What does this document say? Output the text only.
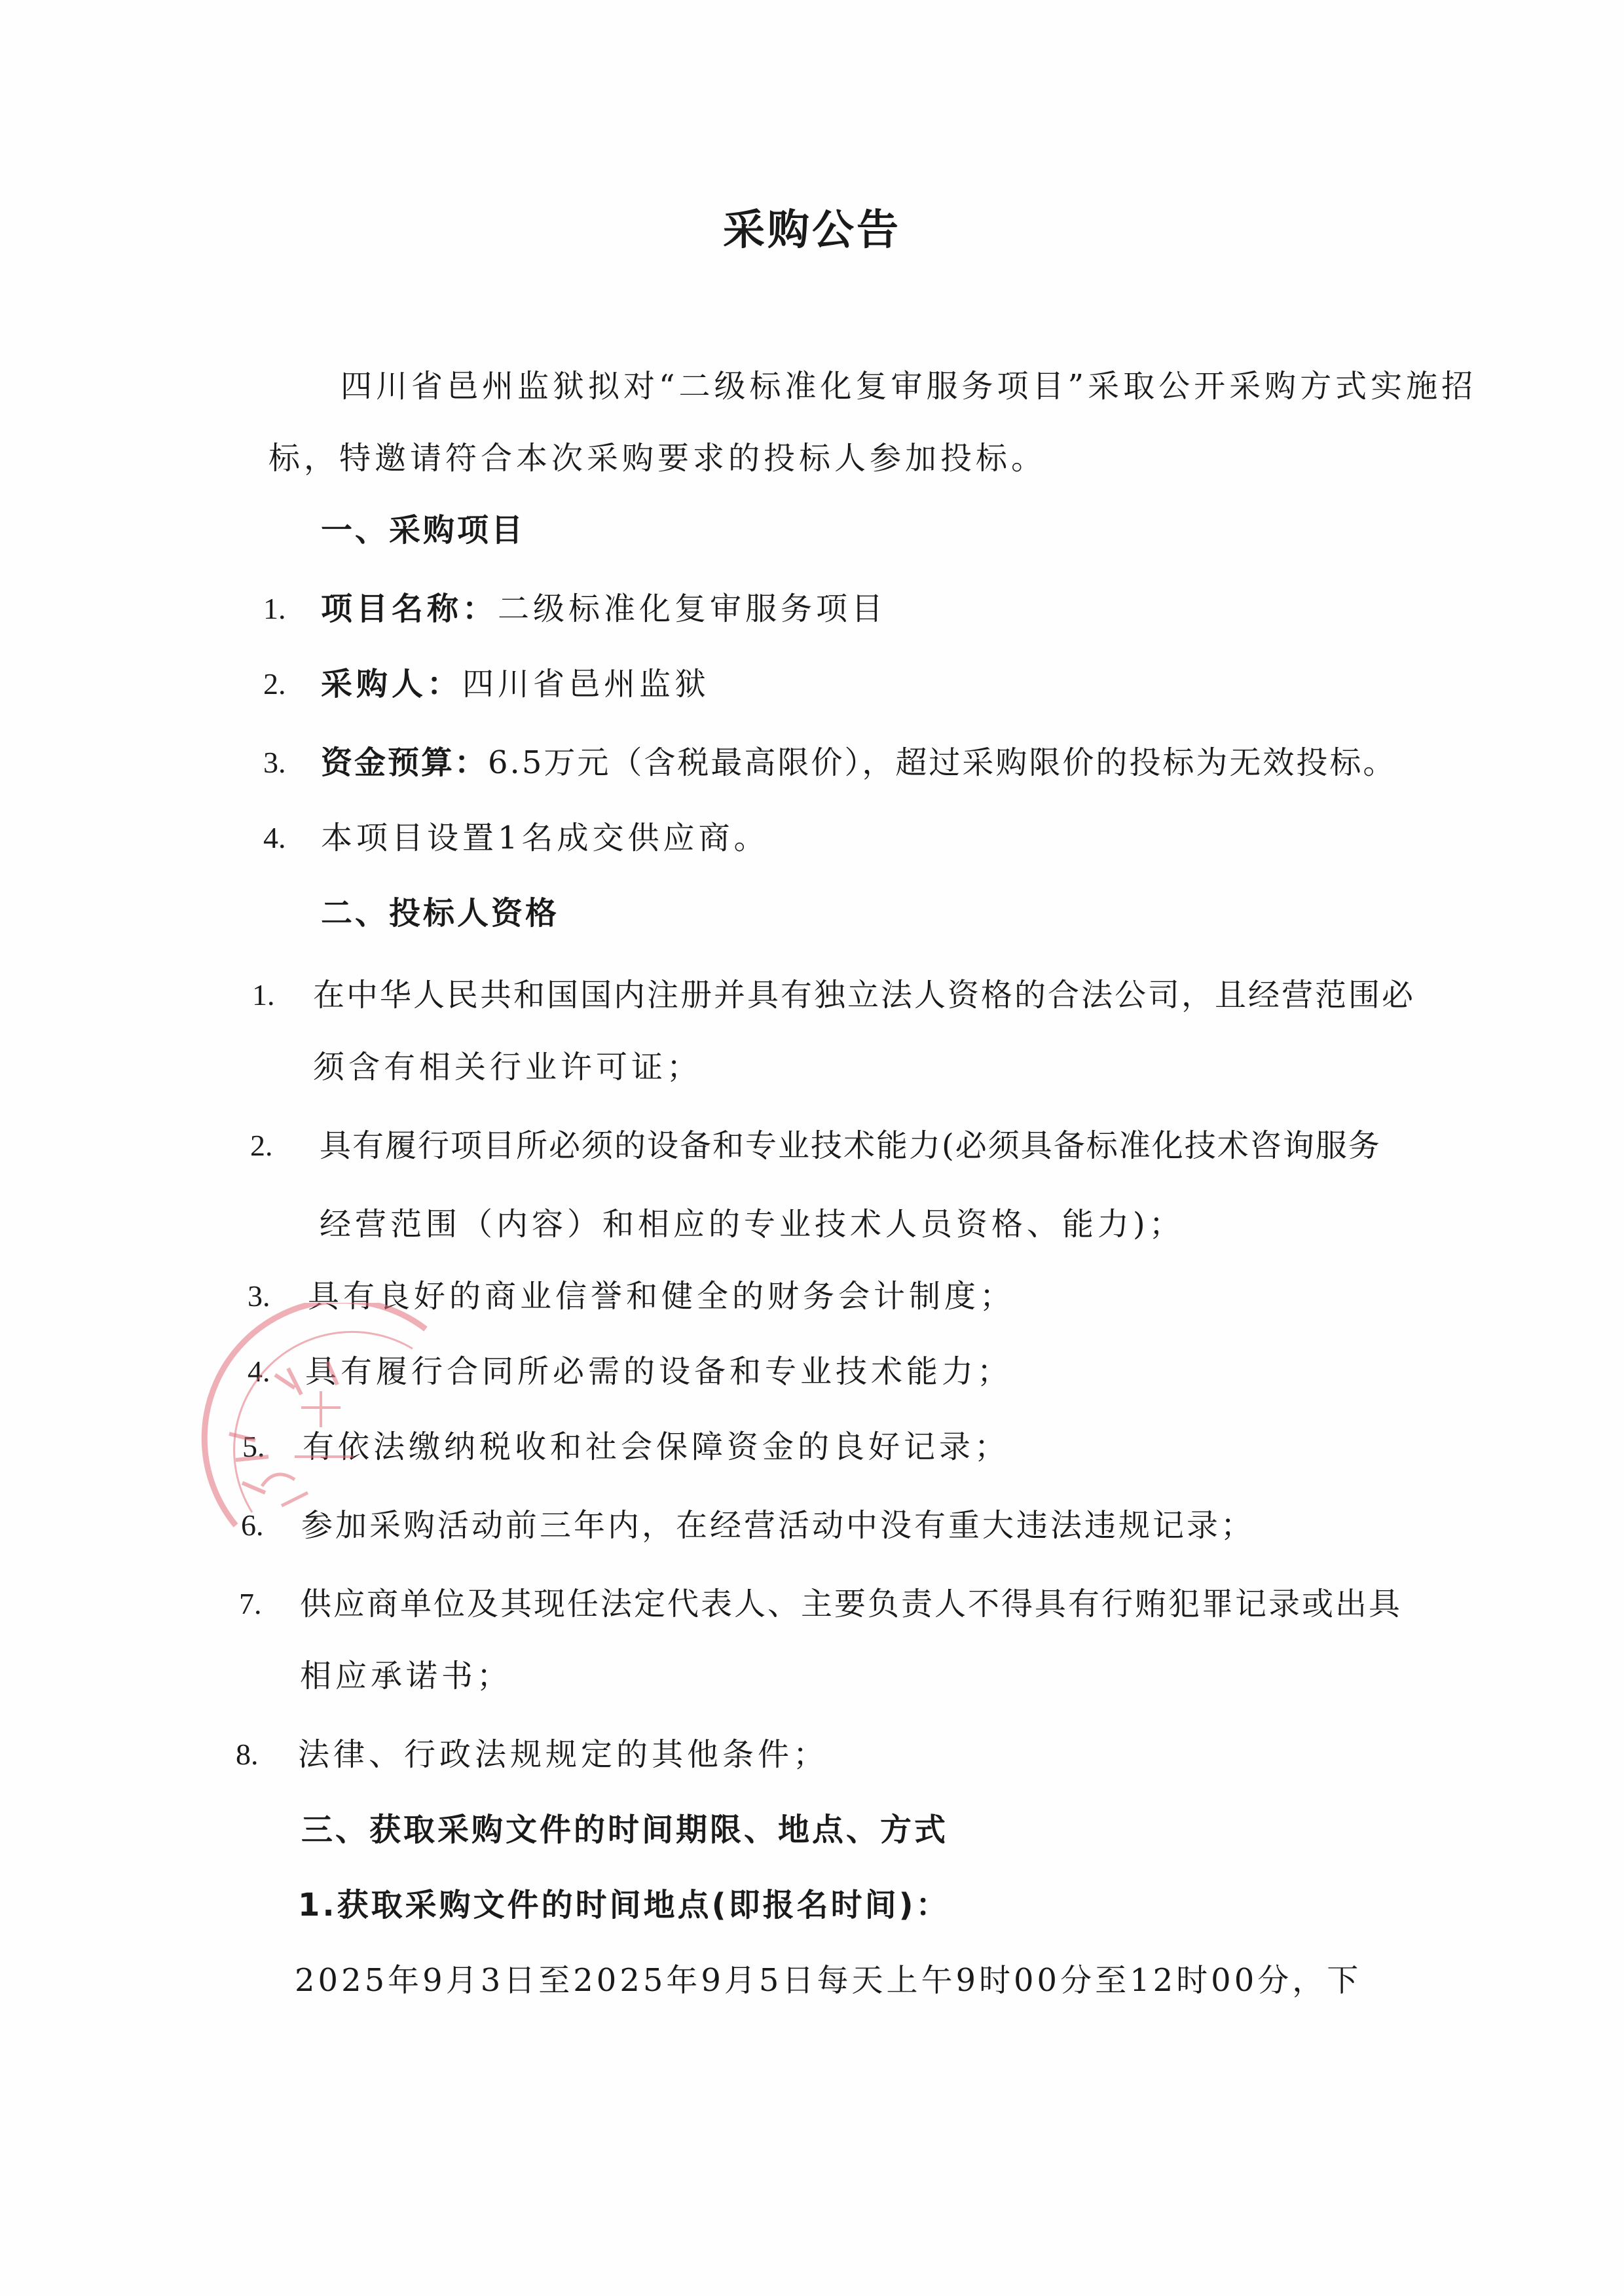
采购公告
四川省邑州监狱拟对“二级标准化复审服务项目”采取公开采购方式实施招
标，特邀请符合本次采购要求的投标人参加投标。
一、采购项目
1. 项目名称：二级标准化复审服务项目
2. 采购人：四川省邑州监狱
3. 资金预算：6.5万元（含税最高限价），超过采购限价的投标为无效投标。
4. 本项目设置1名成交供应商。
二、投标人资格
1. 在中华人民共和国国内注册并具有独立法人资格的合法公司，且经营范围必
须含有相关行业许可证；
2. 具有履行项目所必须的设备和专业技术能力(必须具备标准化技术咨询服务
经营范围（内容）和相应的专业技术人员资格、能力)；
3. 具有良好的商业信誉和健全的财务会计制度；
4. 具有履行合同所必需的设备和专业技术能力；
5. 有依法缴纳税收和社会保障资金的良好记录；
6. 参加采购活动前三年内，在经营活动中没有重大违法违规记录；
7. 供应商单位及其现任法定代表人、主要负责人不得具有行贿犯罪记录或出具
相应承诺书；
8. 法律、行政法规规定的其他条件；
三、获取采购文件的时间期限、地点、方式
1.获取采购文件的时间地点(即报名时间)：
2025年9月3日至2025年9月5日每天上午9时00分至12时00分，下
